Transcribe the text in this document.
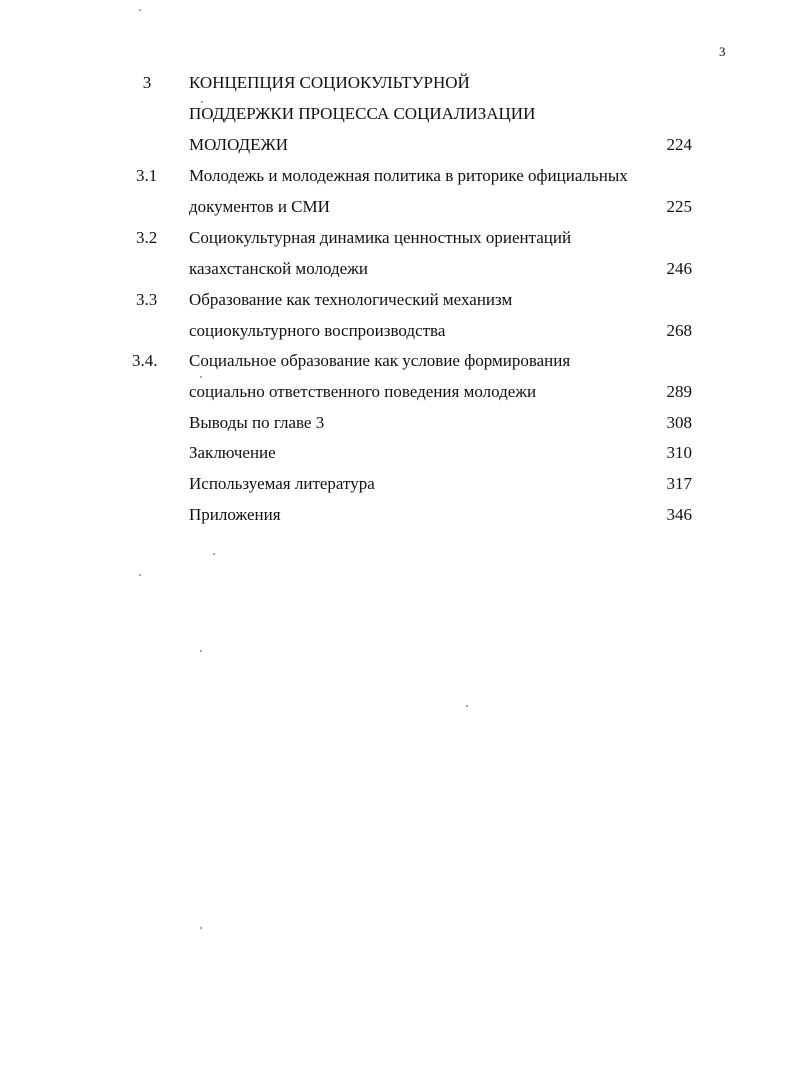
3
3	КОНЦЕПЦИЯ СОЦИОКУЛЬТУРНОЙ
ПОДДЕРЖКИ ПРОЦЕССА СОЦИАЛИЗАЦИИ
МОЛОДЕЖИ	224
3.1	Молодежь и молодежная политика в риторике официальных
документов и СМИ	225
3.2	Социокультурная динамика ценностных ориентаций
казахстанской молодежи	246
3.3	Образование как технологический механизм
социокультурного воспроизводства	268
3.4.	Социальное образование как условие формирования
социально ответственного поведения молодежи	289
Выводы по главе 3	308
Заключение	310
Используемая литература	317
Приложения	346
